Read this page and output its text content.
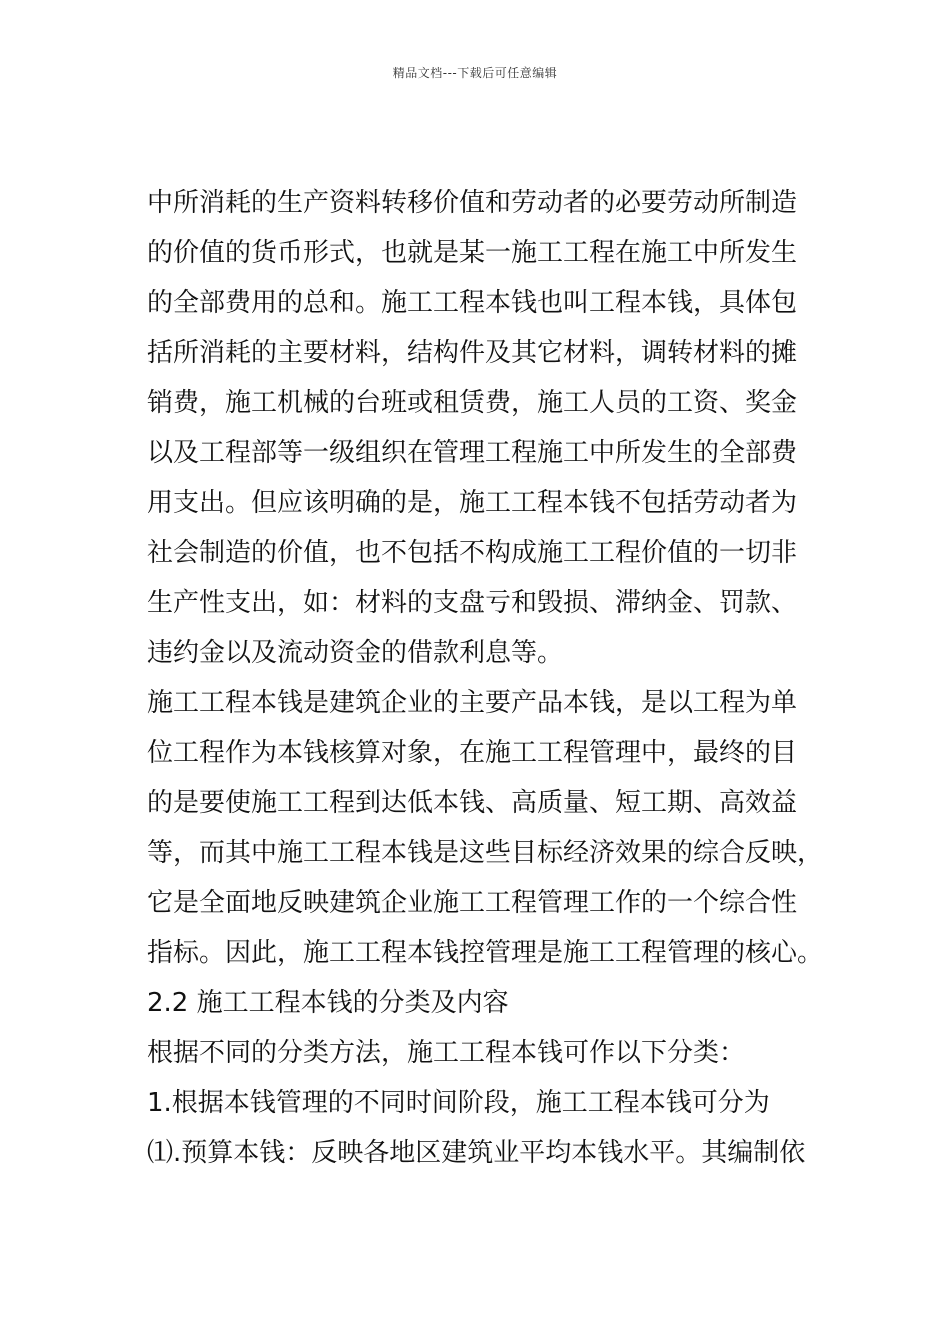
精品文档---下载后可任意编辑
中所消耗的生产资料转移价值和劳动者的必要劳动所制造
的价值的货币形式，也就是某一施工工程在施工中所发生
的全部费用的总和。施工工程本钱也叫工程本钱，具体包
括所消耗的主要材料，结构件及其它材料，调转材料的摊
销费，施工机械的台班或租赁费，施工人员的工资、奖金
以及工程部等一级组织在管理工程施工中所发生的全部费
用支出。但应该明确的是，施工工程本钱不包括劳动者为
社会制造的价值，也不包括不构成施工工程价值的一切非
生产性支出，如：材料的支盘亏和毁损、滞纳金、罚款、
违约金以及流动资金的借款利息等。
施工工程本钱是建筑企业的主要产品本钱，是以工程为单
位工程作为本钱核算对象，在施工工程管理中，最终的目
的是要使施工工程到达低本钱、高质量、短工期、高效益
等，而其中施工工程本钱是这些目标经济效果的综合反映，
它是全面地反映建筑企业施工工程管理工作的一个综合性
指标。因此，施工工程本钱控管理是施工工程管理的核心。
2.2 施工工程本钱的分类及内容
根据不同的分类方法，施工工程本钱可作以下分类：
1.根据本钱管理的不同时间阶段，施工工程本钱可分为
⑴.预算本钱：反映各地区建筑业平均本钱水平。其编制依
